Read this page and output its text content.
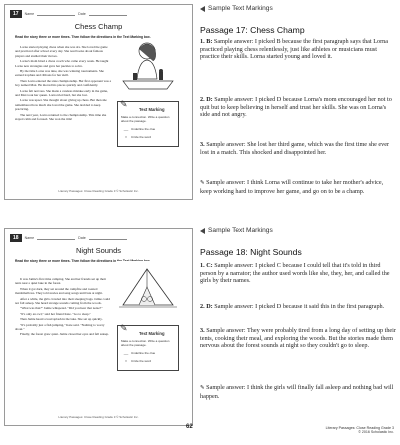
17	Name	Date
Chess Champ
Read the story three or more times. Then follow the directions in the Text Marking box.

Lorna started playing chess when she was six. She loved the game and practiced after school every day. She read books about famous players and studied their moves.

Lorna's mom hired a chess coach who came every week. He taught Lorna new strategies and gave her puzzles to solve.

By the time Lorna was nine, she was winning tournaments. She earned trophies and ribbons for her skill.

Then Lorna entered the state championship. Her first opponent was a boy named Max. He moved his pieces quickly and confidently.

Lorna felt nervous. She made a careless mistake early in the game, and Max took her queen. Lorna tried hard, but she lost.

Lorna was upset. She thought about giving up chess. But then she remembered how much she loved the game. She decided to keep practicing.

The next year, Lorna returned to the championship. This time she stayed calm and focused. She won the title!

✎
Text Marking
Make a connection. Write a question about the passage.
__ Underline the clue
○	Circle the word
Literary Passages: Close Reading Grade 3 © Scholastic Inc.
18	Name	Date
Night Sounds
Read the story three or more times. Then follow the directions in the Text Marking box.

It was Jamie's first time camping. She and her friends set up their tents near a quiet lake in the forest.

When it got dark, they sat around the campfire and roasted marshmallows. They told stories and sang songs until late at night.

After a while, the girls crawled into their sleeping bags. Jamie could not fall asleep. She heard strange sounds coming from the woods.

"What was that?" Jamie whispered. "Did you hear that noise?"

"It's only an owl," said her friend Kate. "Go to sleep."

Then Jamie heard a loud splash in the lake. She sat up quickly.

"It's probably just a fish jumping," Kate said. "Nothing to worry about."

Finally, the forest grew quiet. Jamie closed her eyes and fell asleep.

✎
Text Marking
Make a connection. Write a question about the passage.
__ Underline the clue
○	Circle the word
Literary Passages: Close Reading Grade 3 © Scholastic Inc.
Sample Text Markings
Passage 17: Chess Champ
1. B: Sample answer: I picked B because the first paragraph says that Lorna practiced playing chess relentlessly, just like athletes or musicians must practice their skills. Lorna started young and loved it.
2. D: Sample answer: I picked D because Lorna's mom encouraged her not to quit but to keep believing in herself and trust her skills. She was on Lorna's side and not angry.
3. Sample answer: She lost her third game, which was the first time she ever lost in a match. This shocked and disappointed her.
✎ Sample answer: I think Lorna will continue to take her mother's advice, keep working hard to improve her game, and go on to be a champ.
Sample Text Markings
Passage 18: Night Sounds
1. C: Sample answer: I picked C because I could tell that it's told in third person by a narrator; the author used words like she, they, her, and called the girls by their names.
2. D: Sample answer: I picked D because it said this in the first paragraph.
3. Sample answer: They were probably tired from a long day of setting up their tents, cooking their meal, and exploring the woods. But the stories made them nervous about the forest sounds at night so they couldn't go to sleep.
✎ Sample answer: I think the girls will finally fall asleep and nothing bad will happen.
62	Literary Passages: Close Reading Grade 3
© 2016 Scholastic Inc.
